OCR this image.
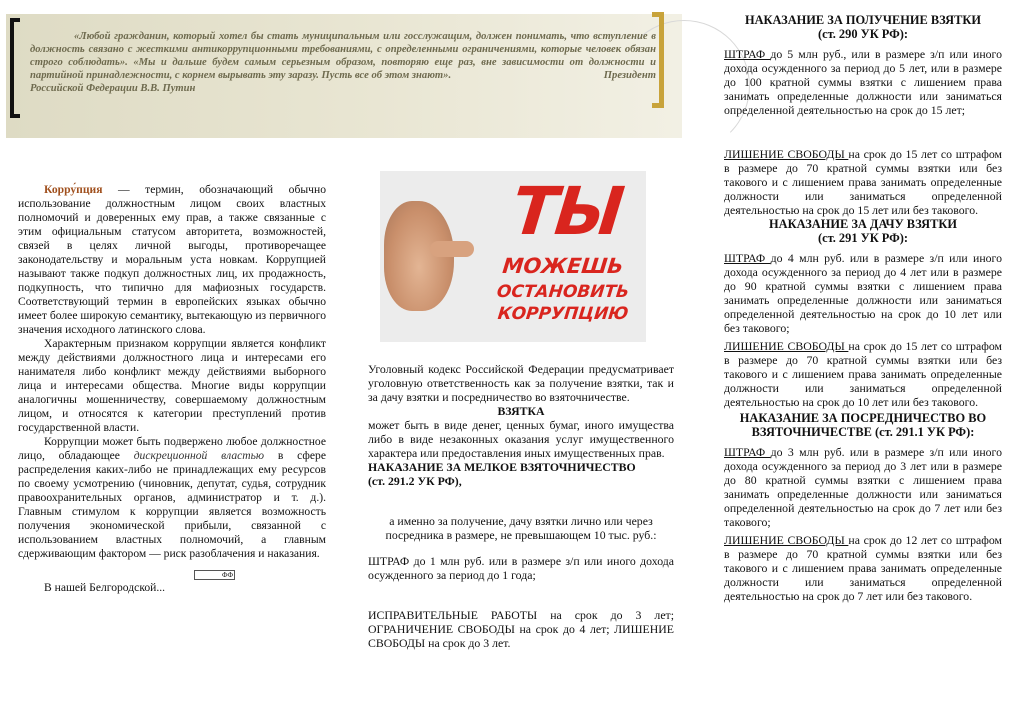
«Любой гражданин, который хотел бы стать муниципальным или госслужащим, должен понимать, что вступление в должность связано с жесткими антикоррупционными требованиями, с определенными ограничениями, которые человек обязан строго соблюдать». «Мы и дальше будем самым серьезным образом, повторяю еще раз, вне зависимости от должности и партийной принадлежности, с корнем вырывать эту заразу. Пусть все об этом знают».	Президент Российской Федерации В.В. Путин

Корру́пция — термин, обозначающий обычно использование должностным лицом своих властных полномочий и доверенных ему прав, а также связанные с этим официальным статусом авторитета, возможностей, связей в целях личной выгоды, противоречащее законодательству и моральным уста новкам. Коррупцией называют также подкуп должностных лиц, их продажность, подкупность, что типично для мафиозных государств. Соответствующий термин в европейских языках обычно имеет более широкую семантику, вытекающую из первичного значения исходного латинского слова.

Характерным признаком коррупции является конфликт между действиями должностного лица и интересами его нанимателя либо конфликт между действиями выборного лица и интересами общества. Многие виды коррупции аналогичны мошенничеству, совершаемому должностным лицом, и относятся к категории преступлений против государственной власти.

Коррупции может быть подвержено любое должностное лицо, обладающее дискреционной властью в сфере распределения каких-либо не принадлежащих ему ресурсов по своему усмотрению (чиновник, депутат, судья, сотрудник правоохранительных органов, администратор и т. д.). Главным стимулом к коррупции является возможность получения экономической прибыли, связанной с использованием властных полномочий, а главным сдерживающим фактором — риск разоблачения и наказания.

ФФ

В нашей Белгородской...

ТЫ
МОЖЕШЬ
ОСТАНОВИТЬ
КОРРУПЦИЮ

Уголовный кодекс Российской Федерации предусматривает уголовную ответственность как за получение взятки, так и за дачу взятки и посредничество во взяточничестве.

ВЗЯТКА

может быть в виде денег, ценных бумаг, иного имущества либо в виде незаконных оказания услуг имущественного характера или предоставления иных имущественных прав.

НАКАЗАНИЕ ЗА МЕЛКОЕ ВЗЯТОЧНИЧЕСТВО

(ст. 291.2 УК РФ),

а именно за получение, дачу взятки лично или через посредника в размере, не превышающем 10 тыс. руб.:

ШТРАФ до 1 млн руб. или в размере з/п или иного дохода осужденного за период до 1 года;

ИСПРАВИТЕЛЬНЫЕ РАБОТЫ на срок до 3 лет; ОГРАНИЧЕНИЕ СВОБОДЫ на срок до 4 лет; ЛИШЕНИЕ СВОБОДЫ на срок до 3 лет.

НАКАЗАНИЕ ЗА ПОЛУЧЕНИЕ ВЗЯТКИ

(ст. 290 УК РФ):

ШТРАФ до 5 млн руб., или в размере з/п или иного дохода осужденного за период до 5 лет, или в размере до 100 кратной суммы взятки с лишением права занимать определенные должности или заниматься определенной деятельностью на срок до 15 лет;

ЛИШЕНИЕ СВОБОДЫ на срок до 15 лет со штрафом в размере до 70 кратной суммы взятки или без такового и с лишением права занимать определенные должности или заниматься определенной деятельностью на срок до 15 лет или без такового.

НАКАЗАНИЕ ЗА ДАЧУ ВЗЯТКИ

(ст. 291 УК РФ):

ШТРАФ до 4 млн руб. или в размере з/п или иного дохода осужденного за период до 4 лет или в размере до 90 кратной суммы взятки с лишением права занимать определенные должности или заниматься определенной деятельностью на срок до 10 лет или без такового;

ЛИШЕНИЕ СВОБОДЫ на срок до 15 лет со штрафом в размере до 70 кратной суммы взятки или без такового и с лишением права занимать определенные должности или заниматься определенной деятельностью на срок до 10 лет или без такового.

НАКАЗАНИЕ ЗА ПОСРЕДНИЧЕСТВО ВО ВЗЯТОЧНИЧЕСТВЕ (ст. 291.1 УК РФ):

ШТРАФ до 3 млн руб. или в размере з/п или иного дохода осужденного за период до 3 лет или в размере до 80 кратной суммы взятки с лишением права занимать определенные должности или заниматься определенной деятельностью на срок до 7 лет или без такового;

ЛИШЕНИЕ СВОБОДЫ на срок до 12 лет со штрафом в размере до 70 кратной суммы взятки или без такового и с лишением права занимать определенные должности или заниматься определенной деятельностью на срок до 7 лет или без такового.
